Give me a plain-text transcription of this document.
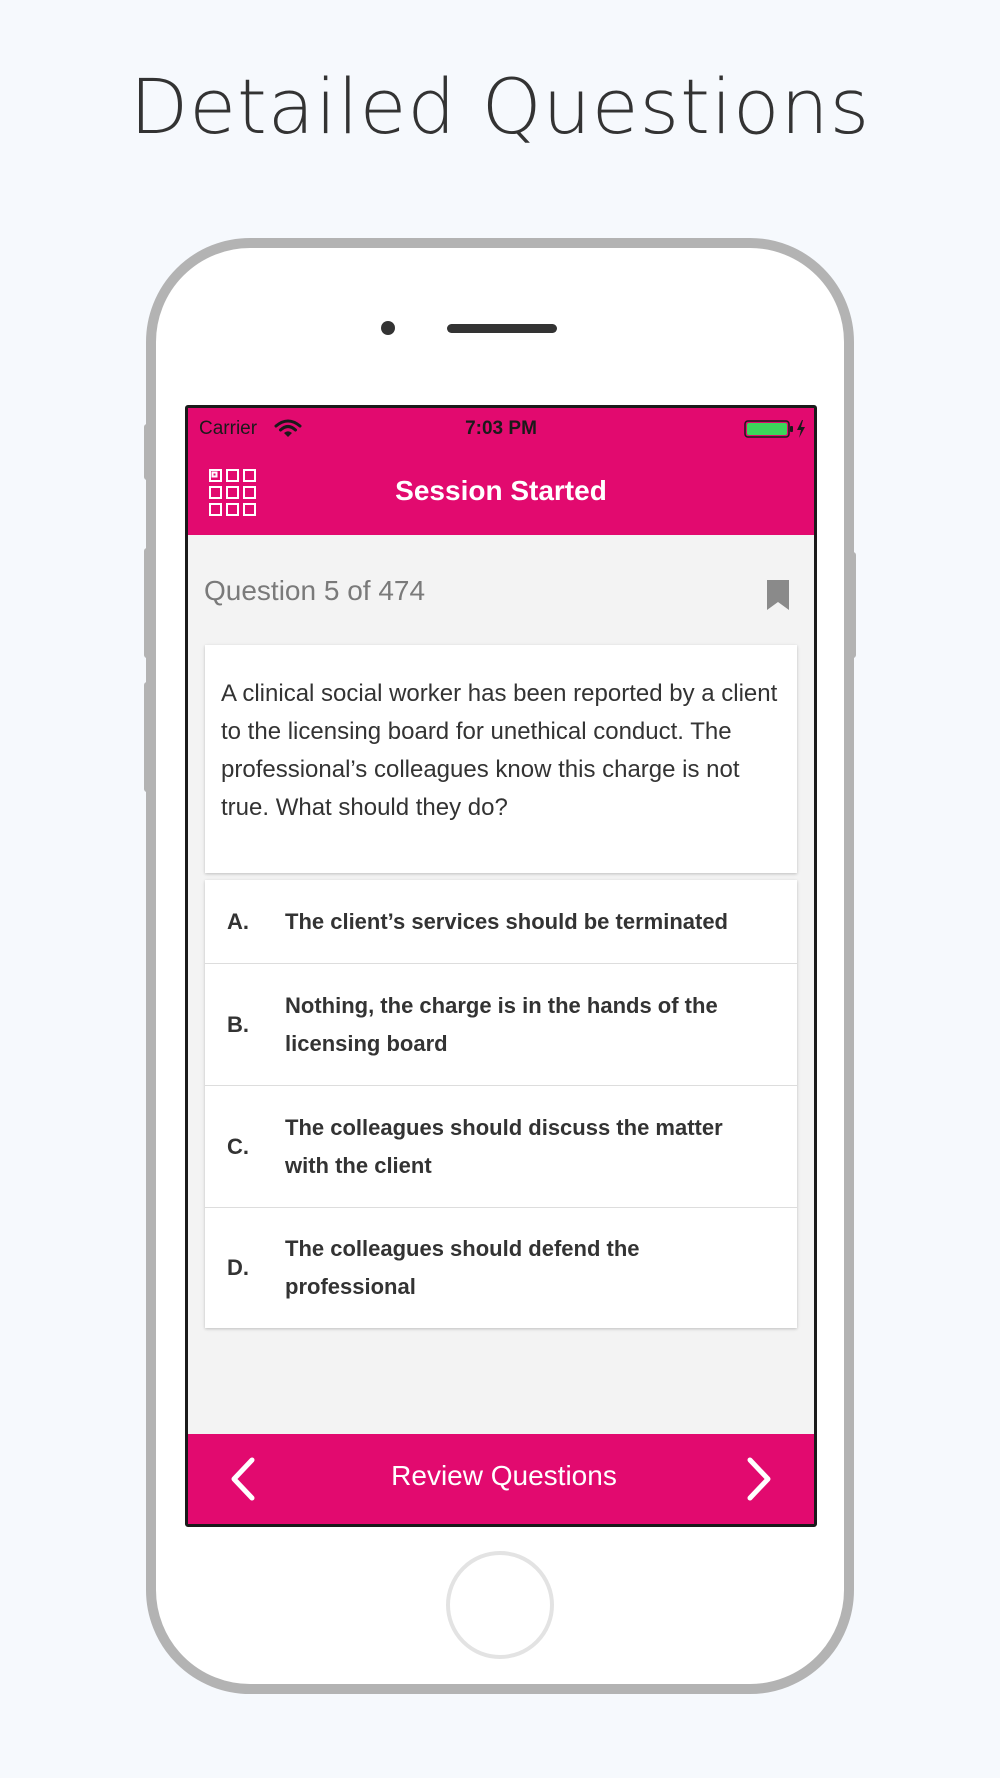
Detailed Questions
Carrier	7:03 PM
Session Started
Question 5 of 474

A clinical social worker has been reported by a client to the licensing board for unethical conduct. The professional’s colleagues know this charge is not true. What should they do?

A.	The client’s services should be terminated
B.
Nothing, the charge is in the hands of the licensing board
C.
The colleagues should discuss the matter with the client
D.
The colleagues should defend the professional
Review Questions
